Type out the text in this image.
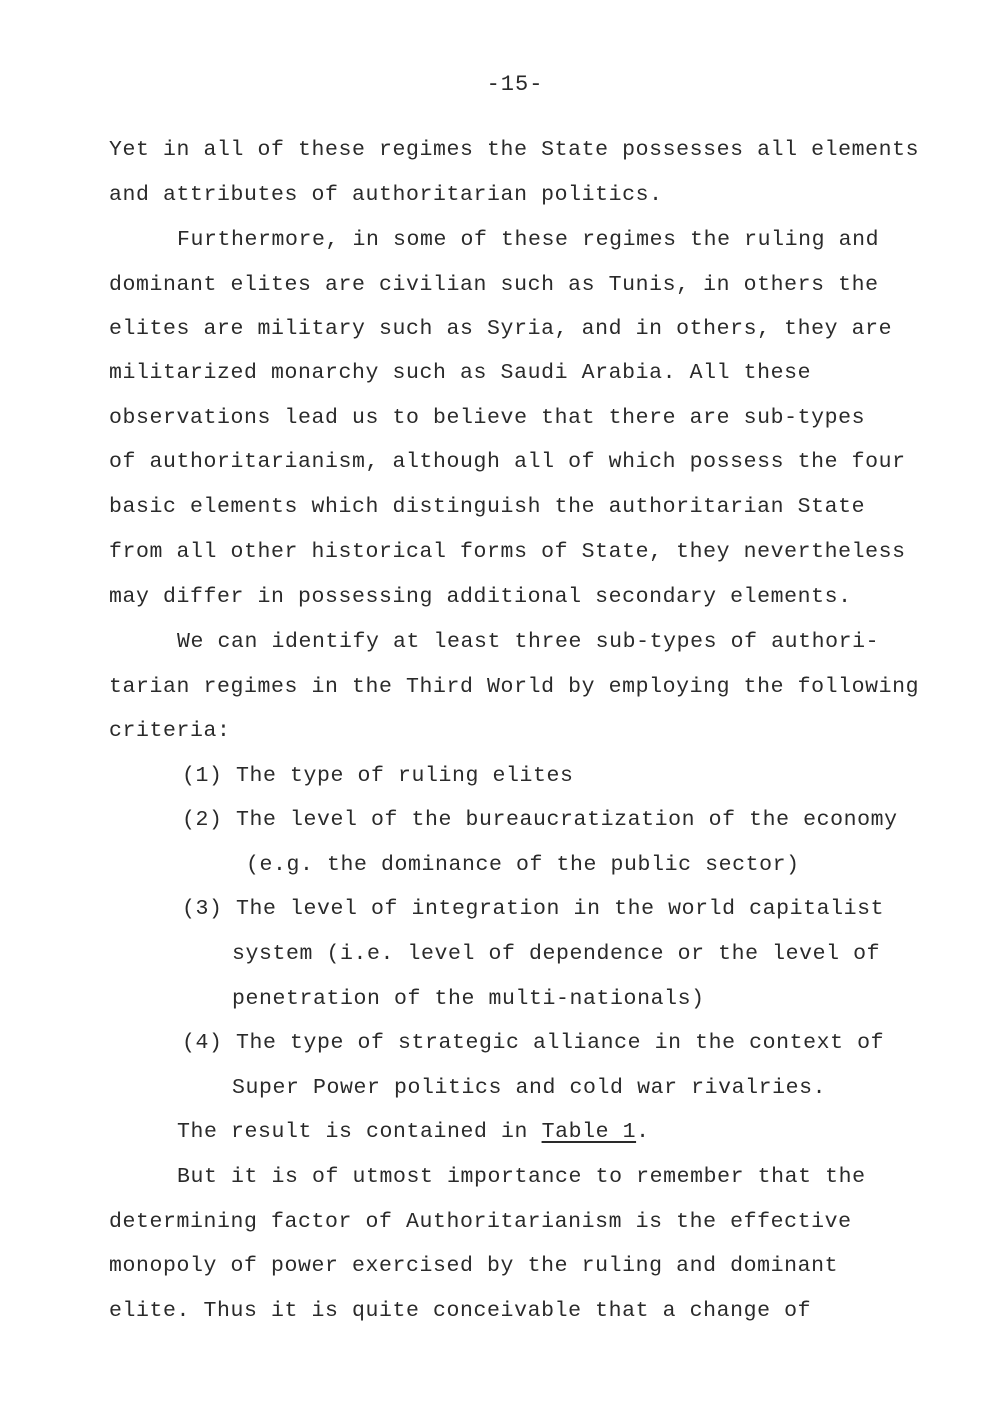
-15-
Yet in all of these regimes the State possesses all elements
and attributes of authoritarian politics.
Furthermore, in some of these regimes the ruling and
dominant elites are civilian such as Tunis, in others the
elites are military such as Syria, and in others, they are
militarized monarchy such as Saudi Arabia. All these
observations lead us to believe that there are sub-types
of authoritarianism, although all of which possess the four
basic elements which distinguish the authoritarian State
from all other historical forms of State, they nevertheless
may differ in possessing additional secondary elements.
We can identify at least three sub-types of authori-
tarian regimes in the Third World by employing the following
criteria:
(1) The type of ruling elites
(2) The level of the bureaucratization of the economy
(e.g. the dominance of the public sector)
(3) The level of integration in the world capitalist
system (i.e. level of dependence or the level of
penetration of the multi-nationals)
(4) The type of strategic alliance in the context of
Super Power politics and cold war rivalries.
The result is contained in Table 1.
But it is of utmost importance to remember that the
determining factor of Authoritarianism is the effective
monopoly of power exercised by the ruling and dominant
elite. Thus it is quite conceivable that a change of
